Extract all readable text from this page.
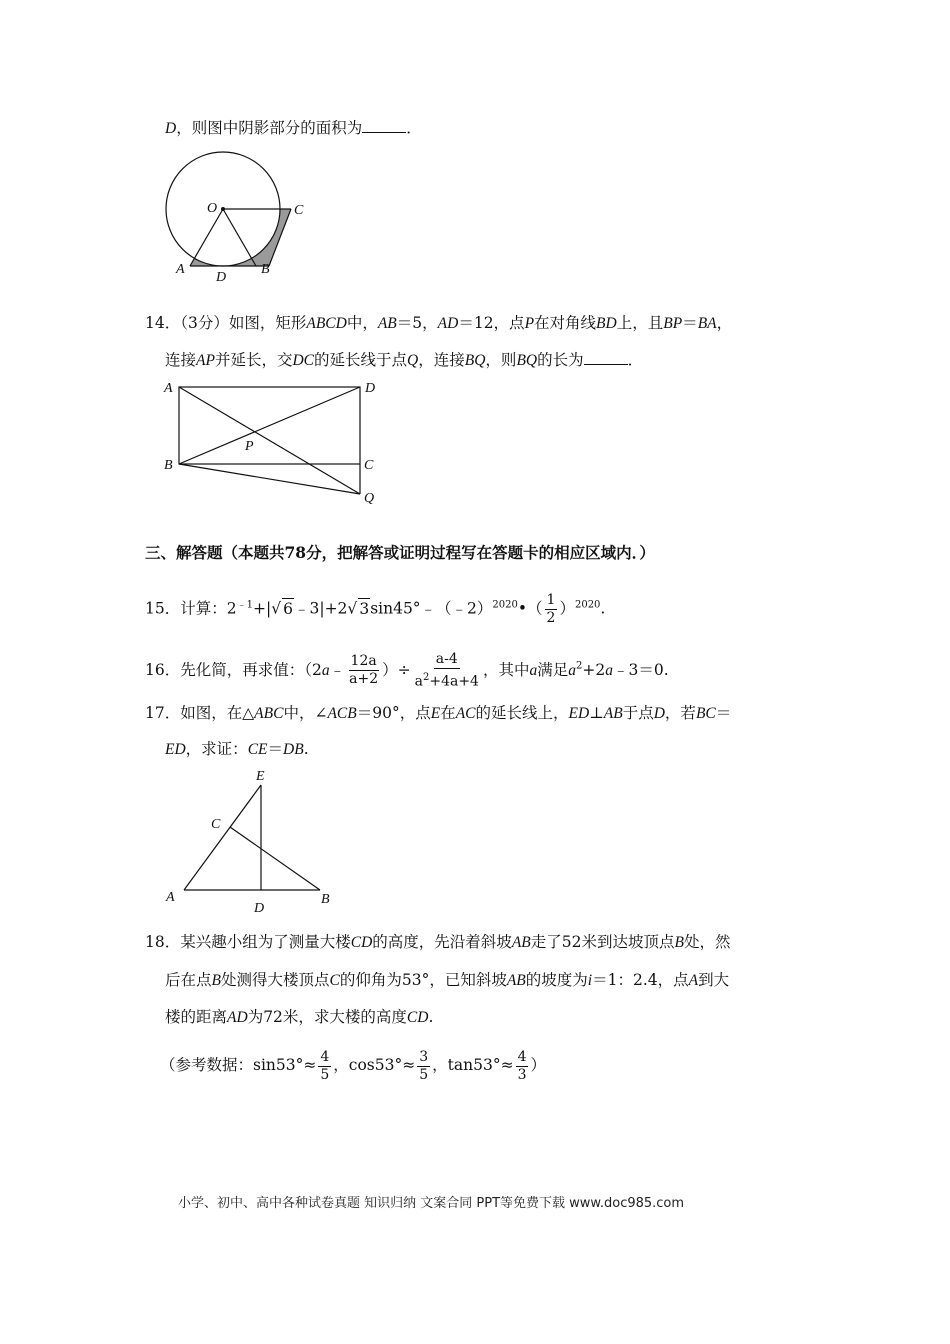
D，则图中阴影部分的面积为	．
O	C
A
D
B
14．（3分）如图，矩形ABCD中，AB＝5，AD＝12，点P在对角线BD上，且BP＝BA，
连接AP并延长，交DC的延长线于点Q，连接BQ，则BQ的长为	．
A	D
P
B	C
Q
三、解答题（本题共78分，把解答或证明过程写在答题卡的相应区域内．）
15．计算：$2^{﹣1}+|√$ 6﹣3|+2√ 3sin45°﹣（﹣2）$^{2020}$•（ $\frac{1}{2} )^{2020}$.
16．先化简，再求值：（2a﹣ $\frac{12a}{a+2}$ ）÷ $\frac{a-4}{a^2+4a+4}$ ，其中a满足$a^2+2a﹣3=0$.
17．如图，在△ABC中，∠ACB＝90°，点E在AC的延长线上，ED⊥AB于点D，若BC＝
ED，求证：CE＝DB.
E
C
A
D
B
18．某兴趣小组为了测量大楼CD的高度，先沿着斜坡AB走了52米到达坡顶点B处，然
后在点B处测得大楼顶点C的仰角为53°，已知斜坡AB的坡度为i＝1：2.4，点A到大
楼的距离AD为72米，求大楼的高度CD.
（参考数据：$\sin 53^\circ\approx \frac{4}{5}$ ，$\cos 53^\circ\approx \frac{3}{5}$ ，$\tan 53^\circ\approx \frac{4}{3}$ ）
小学、初中、高中各种试卷真题 知识归纳 文案合同 PPT等免费下载 www.doc985.com
